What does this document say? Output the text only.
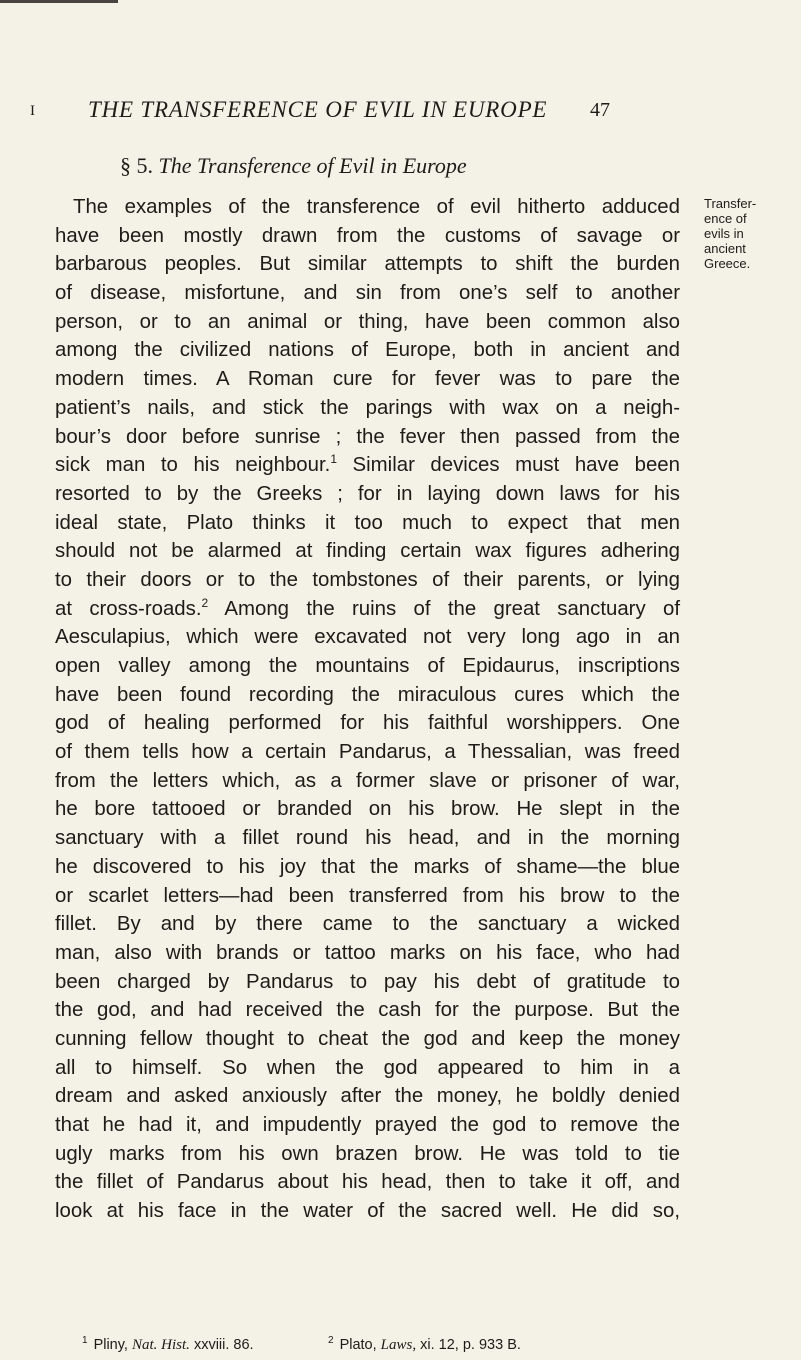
I THE TRANSFERENCE OF EVIL IN EUROPE 47
§ 5. The Transference of Evil in Europe
Transfer-
ence of
evils in
ancient
Greece.
The examples of the transference of evil hitherto adduced
have been mostly drawn from the customs of savage or
barbarous peoples. But similar attempts to shift the burden
of disease, misfortune, and sin from one’s self to another
person, or to an animal or thing, have been common also
among the civilized nations of Europe, both in ancient and
modern times. A Roman cure for fever was to pare the
patient’s nails, and stick the parings with wax on a neigh-
bour’s door before sunrise ; the fever then passed from the
sick man to his neighbour.$^1$ Similar devices must have been
resorted to by the Greeks ; for in laying down laws for his
ideal state, Plato thinks it too much to expect that men
should not be alarmed at finding certain wax figures adhering
to their doors or to the tombstones of their parents, or lying
at cross-roads.$^2$ Among the ruins of the great sanctuary of
Aesculapius, which were excavated not very long ago in an
open valley among the mountains of Epidaurus, inscriptions
have been found recording the miraculous cures which the
god of healing performed for his faithful worshippers. One
of them tells how a certain Pandarus, a Thessalian, was freed
from the letters which, as a former slave or prisoner of war,
he bore tattooed or branded on his brow. He slept in the
sanctuary with a fillet round his head, and in the morning
he discovered to his joy that the marks of shame—the blue
or scarlet letters—had been transferred from his brow to the
fillet. By and by there came to the sanctuary a wicked
man, also with brands or tattoo marks on his face, who had
been charged by Pandarus to pay his debt of gratitude to
the god, and had received the cash for the purpose. But the
cunning fellow thought to cheat the god and keep the money
all to himself. So when the god appeared to him in a
dream and asked anxiously after the money, he boldly denied
that he had it, and impudently prayed the god to remove the
ugly marks from his own brazen brow. He was told to tie
the fillet of Pandarus about his head, then to take it off, and
look at his face in the water of the sacred well. He did so,
$^1$ Pliny, Nat. Hist. xxviii. 86.	$^2$ Plato, Laws, xi. 12, p. 933 B.
